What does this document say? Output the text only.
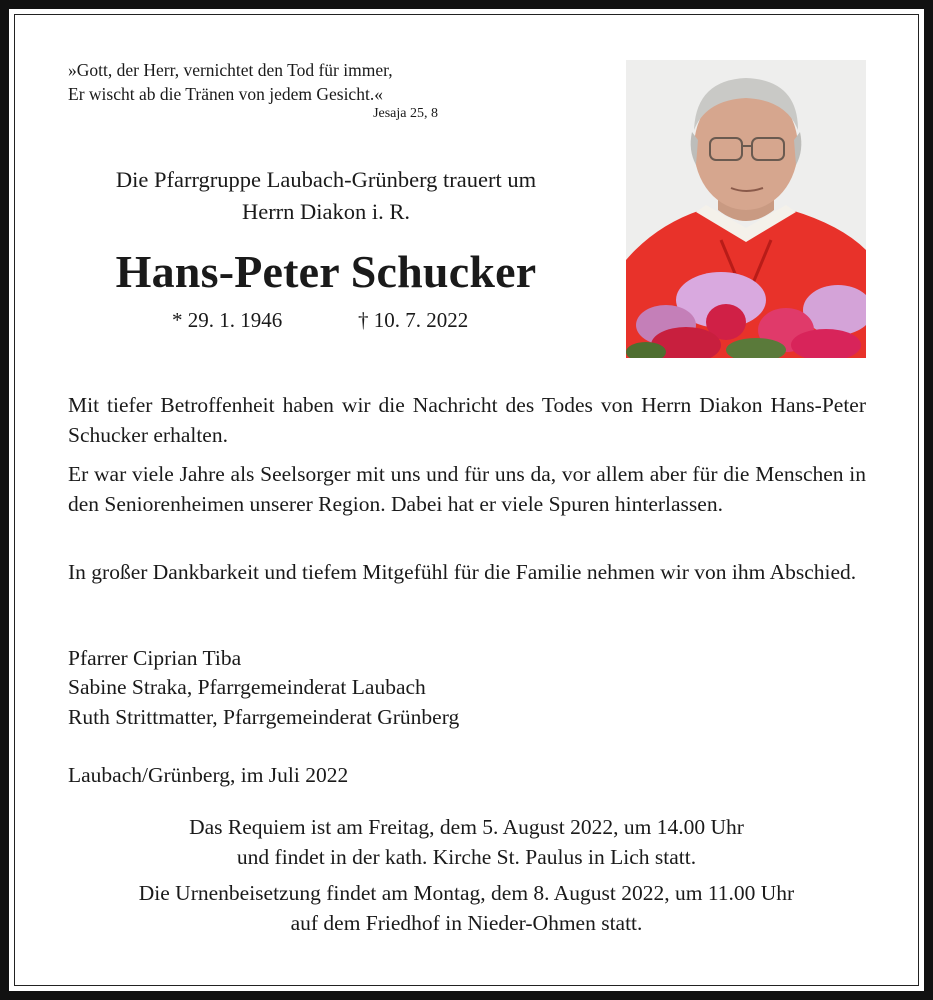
»Gott, der Herr, vernichtet den Tod für immer,
Er wischt ab die Tränen von jedem Gesicht.«
Jesaja 25, 8
Die Pfarrgruppe Laubach-Grünberg trauert um
Herrn Diakon i. R.
Hans-Peter Schucker
* 29. 1. 1946	† 10. 7. 2022
Mit tiefer Betroffenheit haben wir die Nachricht des Todes von Herrn Diakon Hans-Peter Schucker erhalten.
Er war viele Jahre als Seelsorger mit uns und für uns da, vor allem aber für die Menschen in den Seniorenheimen unserer Region. Dabei hat er viele Spuren hinterlassen.
In großer Dankbarkeit und tiefem Mitgefühl für die Familie nehmen wir von ihm Abschied.
Pfarrer Ciprian Tiba
Sabine Straka, Pfarrgemeinderat Laubach
Ruth Strittmatter, Pfarrgemeinderat Grünberg
Laubach/Grünberg, im Juli 2022
Das Requiem ist am Freitag, dem 5. August 2022, um 14.00 Uhr
und findet in der kath. Kirche St. Paulus in Lich statt.
Die Urnenbeisetzung findet am Montag, dem 8. August 2022, um 11.00 Uhr
auf dem Friedhof in Nieder-Ohmen statt.
